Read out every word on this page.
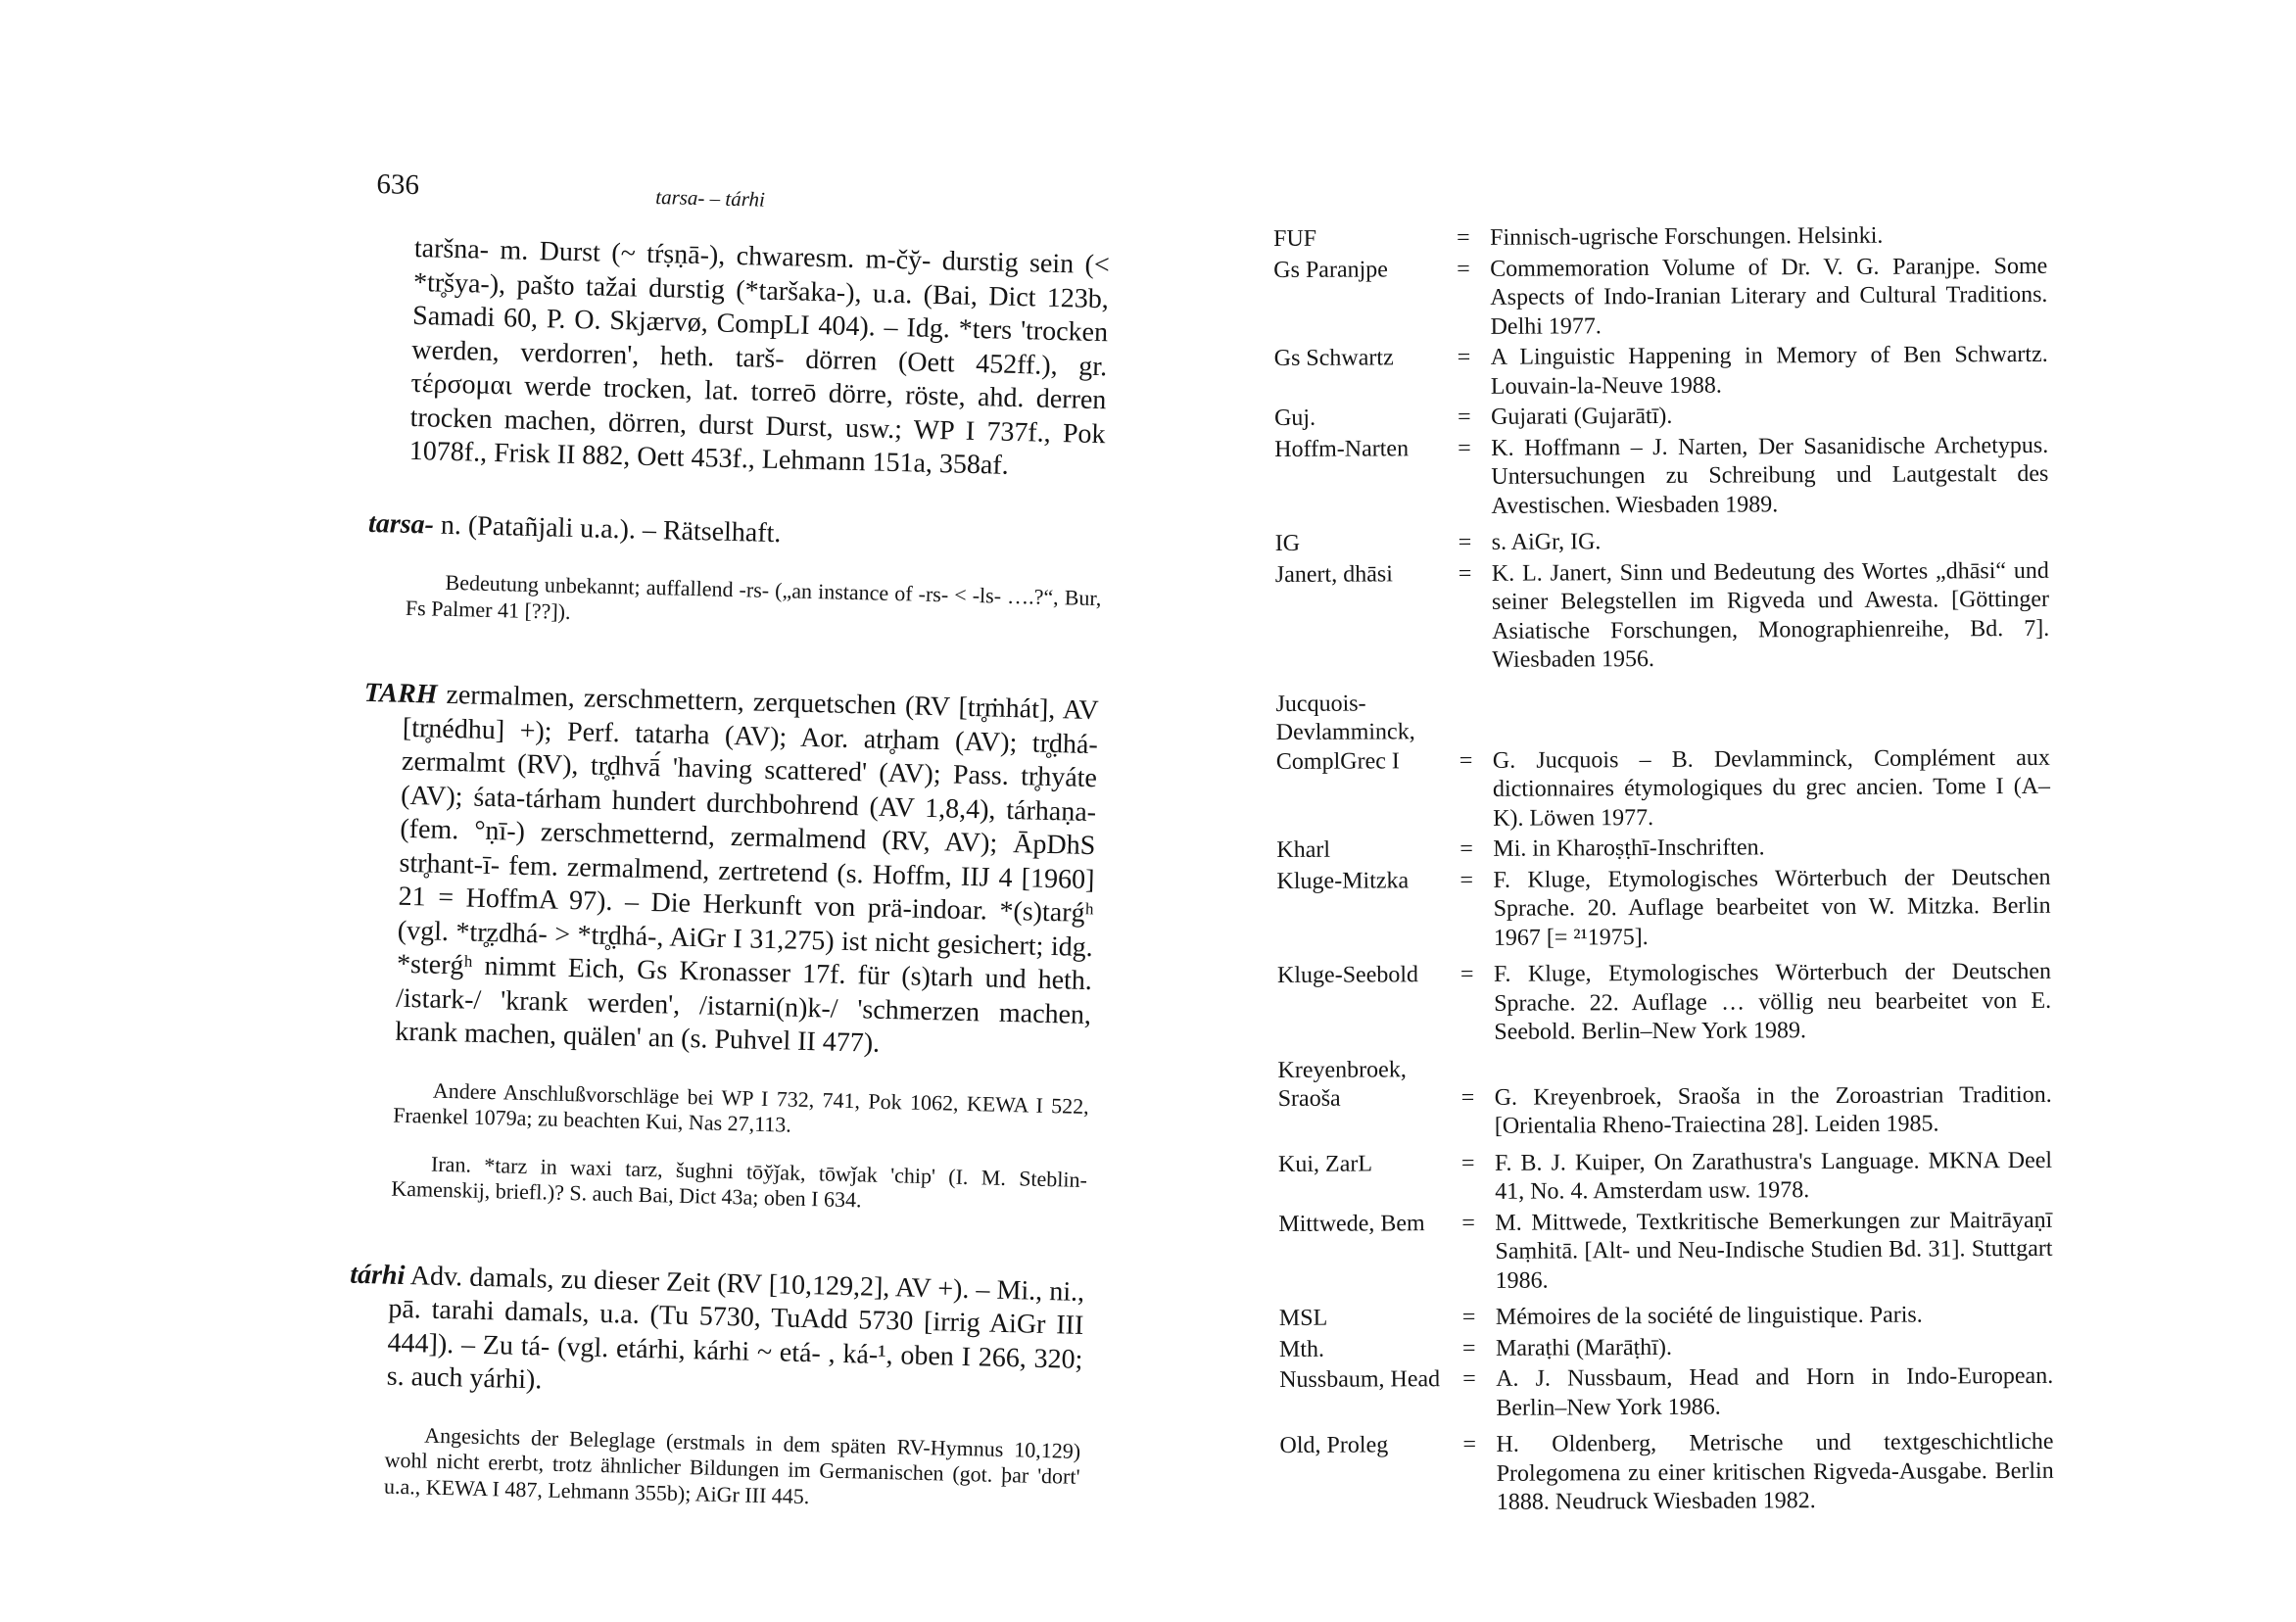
636	tarsa- – tárhi

taršna- m. Durst (~ tŕṣṇā-), chwaresm. m-čy̆- durstig sein (< *tr̥šya-), pašto tažai durstig (*taršaka-), u.a. (Bai, Dict 123b, Samadi 60, P. O. Skjærvø, CompLI 404). – Idg. *ters 'trocken werden, verdorren', heth. tarš- dörren (Oett 452ff.), gr. τέρσομαι werde trocken, lat. torreō dörre, röste, ahd. derren trocken machen, dörren, durst Durst, usw.; WP I 737f., Pok 1078f., Frisk II 882, Oett 453f., Lehmann 151a, 358af.

tarsa- n. (Patañjali u.a.). – Rätselhaft.

Bedeutung unbekannt; auffallend -rs- („an instance of -rs- < -ls- ….?“, Bur, Fs Palmer 41 [??]).

TARH zermalmen, zerschmettern, zerquetschen (RV [tr̥ṁhát], AV [tr̥nédhu] +); Perf. tatarha (AV); Aor. atr̥ham (AV); tr̥ḍhá- zermalmt (RV), tr̥ḍhvā́ 'having scattered' (AV); Pass. tr̥hyáte (AV); śata-tárham hundert durchbohrend (AV 1,8,4), tárhaṇa- (fem. °ṇī-) zerschmetternd, zermalmend (RV, AV); ĀpDhS str̥hant-ī- fem. zermalmend, zertretend (s. Hoffm, IIJ 4 [1960] 21 = HoffmA 97). – Die Herkunft von prä-indoar. *(s)tarǵʰ (vgl. *tr̥ẓdhá- > *tr̥ḍhá-, AiGr I 31,275) ist nicht gesichert; idg. *sterǵʰ nimmt Eich, Gs Kronasser 17f. für (s)tarh und heth. /istark-/ 'krank werden', /istarni(n)k-/ 'schmerzen machen, krank machen, quälen' an (s. Puhvel II 477).

Andere Anschlußvorschläge bei WP I 732, 741, Pok 1062, KEWA I 522, Fraenkel 1079a; zu beachten Kui, Nas 27,113.

Iran. *tarz in waxi tarz, šughni tōy̆ǰak, tōwǰak 'chip' (I. M. Steblin-Kamenskij, briefl.)? S. auch Bai, Dict 43a; oben I 634.

tárhi Adv. damals, zu dieser Zeit (RV [10,129,2], AV +). – Mi., ni., pā. tarahi damals, u.a. (Tu 5730, TuAdd 5730 [irrig AiGr III 444]). – Zu tá- (vgl. etárhi, kárhi ~ etá- , ká-¹, oben I 266, 320; s. auch yárhi).

Angesichts der Beleglage (erstmals in dem späten RV-Hymnus 10,129) wohl nicht ererbt, trotz ähnlicher Bildungen im Germanischen (got. þar 'dort' u.a., KEWA I 487, Lehmann 355b); AiGr III 445.

FUF	= Finnisch-ugrische Forschungen. Helsinki.
Gs Paranjpe	= Commemoration Volume of Dr. V. G. Paranjpe. Some Aspects of Indo-Iranian Literary and Cultural Traditions. Delhi 1977.
Gs Schwartz	= A Linguistic Happening in Memory of Ben Schwartz. Louvain-la-Neuve 1988.
Guj.	= Gujarati (Gujarātī).
Hoffm-Narten	= K. Hoffmann – J. Narten, Der Sasanidische Archetypus. Untersuchungen zu Schreibung und Lautgestalt des Avestischen. Wiesbaden 1989.
IG	= s. AiGr, IG.
Janert, dhāsi	= K. L. Janert, Sinn und Bedeutung des Wortes „dhāsi“ und seiner Belegstellen im Rigveda und Awesta. [Göttinger Asiatische Forschungen, Monographienreihe, Bd. 7]. Wiesbaden 1956.
Jucquois-
Devlamminck,
ComplGrec I	= G. Jucquois – B. Devlamminck, Complément aux dictionnaires étymologiques du grec ancien. Tome I (A–K). Löwen 1977.
Kharl	= Mi. in Kharoṣṭhī-Inschriften.
Kluge-Mitzka	= F. Kluge, Etymologisches Wörterbuch der Deutschen Sprache. 20. Auflage bearbeitet von W. Mitzka. Berlin 1967 [= ²¹1975].
Kluge-Seebold	= F. Kluge, Etymologisches Wörterbuch der Deutschen Sprache. 22. Auflage … völlig neu bearbeitet von E. Seebold. Berlin–New York 1989.
Kreyenbroek,
Sraoša	= G. Kreyenbroek, Sraoša in the Zoroastrian Tradition. [Orientalia Rheno-Traiectina 28]. Leiden 1985.
Kui, ZarL	= F. B. J. Kuiper, On Zarathustra's Language. MKNA Deel 41, No. 4. Amsterdam usw. 1978.
Mittwede, Bem	= M. Mittwede, Textkritische Bemerkungen zur Maitrāyaṇī Saṃhitā. [Alt- und Neu-Indische Studien Bd. 31]. Stuttgart 1986.
MSL	= Mémoires de la société de linguistique. Paris.
Mth.	= Maraṭhi (Marāṭhī).
Nussbaum, Head = A. J. Nussbaum, Head and Horn in Indo-European. Berlin–New York 1986.
Old, Proleg	= H. Oldenberg, Metrische und textgeschichtliche Prolegomena zu einer kritischen Rigveda-Ausgabe. Berlin 1888. Neudruck Wiesbaden 1982.
